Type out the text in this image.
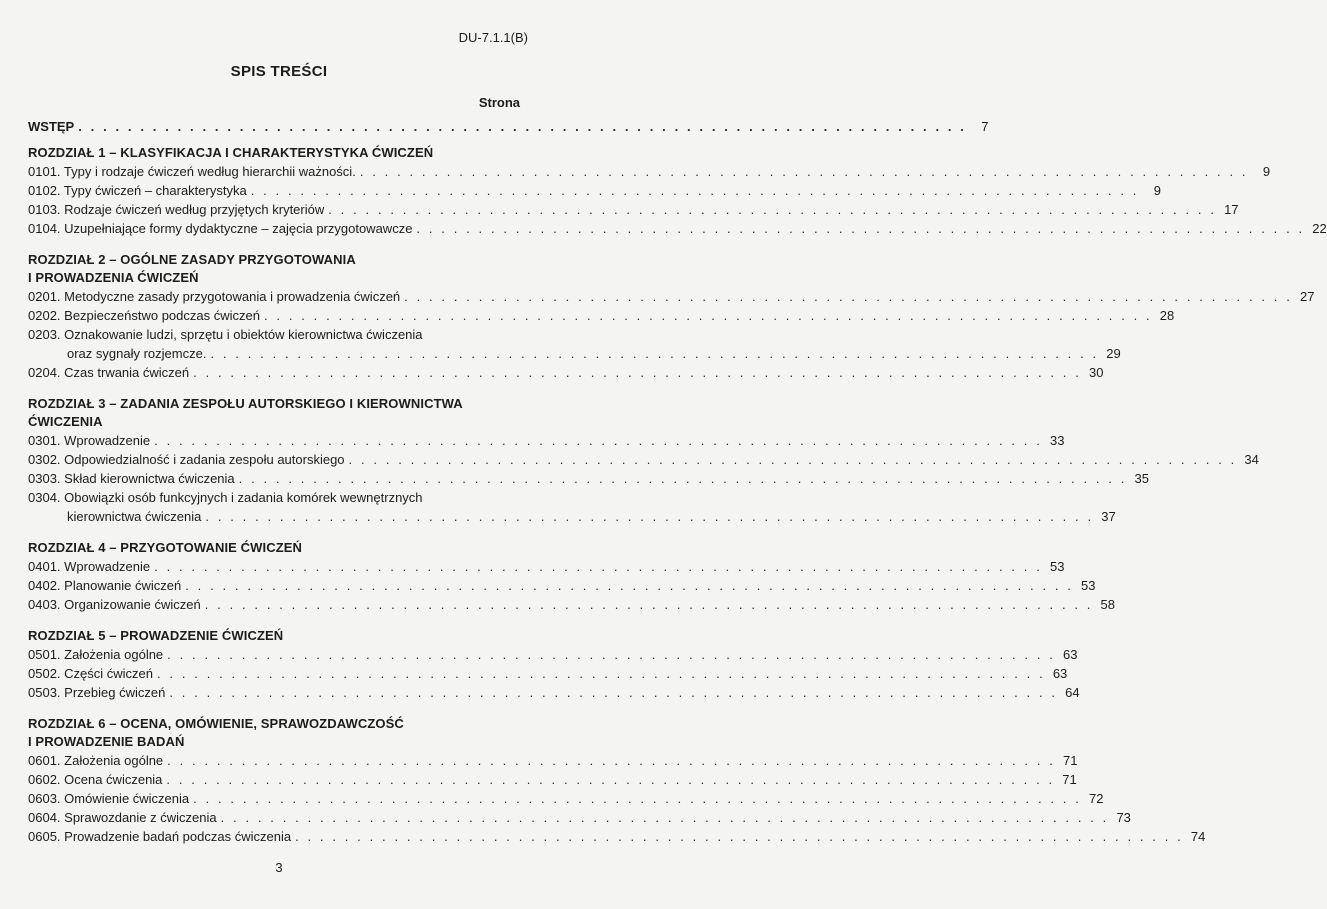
DU-7.1.1(B)
SPIS TREŚCI
Strona
WSTĘP . . . . . . . . . . . . . . . . . . . . . . . . . . . . . . . . . . . . . . . . . . . . . . . . . . . . . . . . . . . . . . . . . . . . . . . .	7
ROZDZIAŁ 1 – KLASYFIKACJA I CHARAKTERYSTYKA ĆWICZEŃ
0101. Typy i rodzaje ćwiczeń według hierarchii ważności. . . . . . . . . . . . . . . . . . . . . . . . . . . . . . . . . . . . . . . . . . . . . . . . . . . . . . . . . . . . . . . . . . . . . . . . .	9
0102. Typy ćwiczeń – charakterystyka . . . . . . . . . . . . . . . . . . . . . . . . . . . . . . . . . . . . . . . . . . . . . . . . . . . . . . . . . . . . . . . . . . . . . . . .	9
0103. Rodzaje ćwiczeń według przyjętych kryteriów . . . . . . . . . . . . . . . . . . . . . . . . . . . . . . . . . . . . . . . . . . . . . . . . . . . . . . . . . . . . . . . . . . . . . . . . 17
0104. Uzupełniające formy dydaktyczne – zajęcia przygotowawcze . . . . . . . . . . . . . . . . . . . . . . . . . . . . . . . . . . . . . . . . . . . . . . . . . . . . . . . . . . . . . . . . . . . . . . . . 22
ROZDZIAŁ 2 – OGÓLNE ZASADY PRZYGOTOWANIA
I PROWADZENIA ĆWICZEŃ
0201. Metodyczne zasady przygotowania i prowadzenia ćwiczeń . . . . . . . . . . . . . . . . . . . . . . . . . . . . . . . . . . . . . . . . . . . . . . . . . . . . . . . . . . . . . . . . . . . . . . . . 27
0202. Bezpieczeństwo podczas ćwiczeń . . . . . . . . . . . . . . . . . . . . . . . . . . . . . . . . . . . . . . . . . . . . . . . . . . . . . . . . . . . . . . . . . . . . . . . . 28
0203. Oznakowanie ludzi, sprzętu i obiektów kierownictwa ćwiczenia
oraz sygnały rozjemcze. . . . . . . . . . . . . . . . . . . . . . . . . . . . . . . . . . . . . . . . . . . . . . . . . . . . . . . . . . . . . . . . . . . . . . . . . 29
0204. Czas trwania ćwiczeń . . . . . . . . . . . . . . . . . . . . . . . . . . . . . . . . . . . . . . . . . . . . . . . . . . . . . . . . . . . . . . . . . . . . . . . . 30
ROZDZIAŁ 3 – ZADANIA ZESPOŁU AUTORSKIEGO I KIEROWNICTWA
ĆWICZENIA
0301. Wprowadzenie . . . . . . . . . . . . . . . . . . . . . . . . . . . . . . . . . . . . . . . . . . . . . . . . . . . . . . . . . . . . . . . . . . . . . . . . 33
0302. Odpowiedzialność i zadania zespołu autorskiego . . . . . . . . . . . . . . . . . . . . . . . . . . . . . . . . . . . . . . . . . . . . . . . . . . . . . . . . . . . . . . . . . . . . . . . . 34
0303. Skład kierownictwa ćwiczenia . . . . . . . . . . . . . . . . . . . . . . . . . . . . . . . . . . . . . . . . . . . . . . . . . . . . . . . . . . . . . . . . . . . . . . . . 35
0304. Obowiązki osób funkcyjnych i zadania komórek wewnętrznych
kierownictwa ćwiczenia . . . . . . . . . . . . . . . . . . . . . . . . . . . . . . . . . . . . . . . . . . . . . . . . . . . . . . . . . . . . . . . . . . . . . . . . 37
ROZDZIAŁ 4 – PRZYGOTOWANIE ĆWICZEŃ
0401. Wprowadzenie . . . . . . . . . . . . . . . . . . . . . . . . . . . . . . . . . . . . . . . . . . . . . . . . . . . . . . . . . . . . . . . . . . . . . . . . 53
0402. Planowanie ćwiczeń . . . . . . . . . . . . . . . . . . . . . . . . . . . . . . . . . . . . . . . . . . . . . . . . . . . . . . . . . . . . . . . . . . . . . . . . 53
0403. Organizowanie ćwiczeń . . . . . . . . . . . . . . . . . . . . . . . . . . . . . . . . . . . . . . . . . . . . . . . . . . . . . . . . . . . . . . . . . . . . . . . . 58
ROZDZIAŁ 5 – PROWADZENIE ĆWICZEŃ
0501. Założenia ogólne . . . . . . . . . . . . . . . . . . . . . . . . . . . . . . . . . . . . . . . . . . . . . . . . . . . . . . . . . . . . . . . . . . . . . . . . 63
0502. Części ćwiczeń . . . . . . . . . . . . . . . . . . . . . . . . . . . . . . . . . . . . . . . . . . . . . . . . . . . . . . . . . . . . . . . . . . . . . . . . 63
0503. Przebieg ćwiczeń . . . . . . . . . . . . . . . . . . . . . . . . . . . . . . . . . . . . . . . . . . . . . . . . . . . . . . . . . . . . . . . . . . . . . . . . 64
ROZDZIAŁ 6 – OCENA, OMÓWIENIE, SPRAWOZDAWCZOŚĆ
I PROWADZENIE BADAŃ
0601. Założenia ogólne . . . . . . . . . . . . . . . . . . . . . . . . . . . . . . . . . . . . . . . . . . . . . . . . . . . . . . . . . . . . . . . . . . . . . . . . 71
0602. Ocena ćwiczenia . . . . . . . . . . . . . . . . . . . . . . . . . . . . . . . . . . . . . . . . . . . . . . . . . . . . . . . . . . . . . . . . . . . . . . . . 71
0603. Omówienie ćwiczenia . . . . . . . . . . . . . . . . . . . . . . . . . . . . . . . . . . . . . . . . . . . . . . . . . . . . . . . . . . . . . . . . . . . . . . . . 72
0604. Sprawozdanie z ćwiczenia . . . . . . . . . . . . . . . . . . . . . . . . . . . . . . . . . . . . . . . . . . . . . . . . . . . . . . . . . . . . . . . . . . . . . . . . 73
0605. Prowadzenie badań podczas ćwiczenia . . . . . . . . . . . . . . . . . . . . . . . . . . . . . . . . . . . . . . . . . . . . . . . . . . . . . . . . . . . . . . . . . . . . . . . . 74
3
